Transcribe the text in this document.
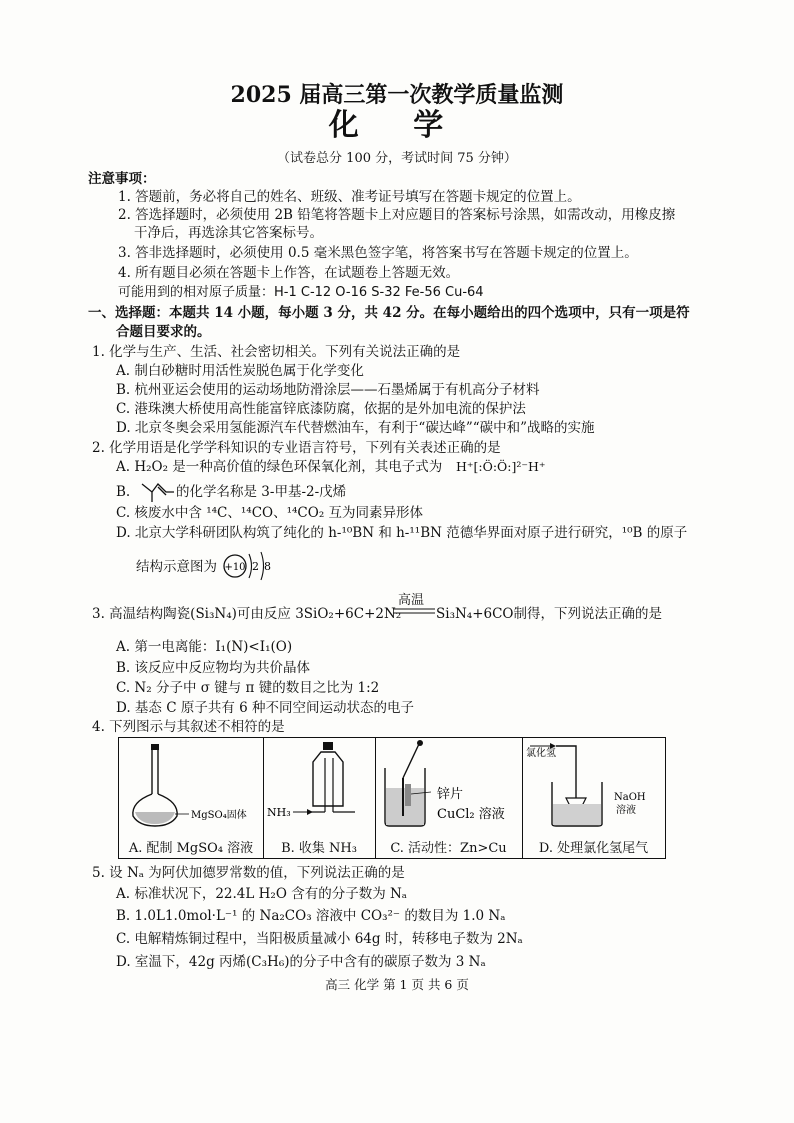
2025 届高三第一次教学质量监测
化 学
（试卷总分 100 分，考试时间 75 分钟）
注意事项：
1. 答题前，务必将自己的姓名、班级、准考证号填写在答题卡规定的位置上。
2. 答选择题时，必须使用 2B 铅笔将答题卡上对应题目的答案标号涂黑，如需改动，用橡皮擦
干净后，再选涂其它答案标号。
3. 答非选择题时，必须使用 0.5 毫米黑色签字笔，将答案书写在答题卡规定的位置上。
4. 所有题目必须在答题卡上作答，在试题卷上答题无效。
可能用到的相对原子质量：H-1 C-12 O-16 S-32 Fe-56 Cu-64
一、选择题：本题共 14 小题，每小题 3 分，共 42 分。在每小题给出的四个选项中，只有一项是符
合题目要求的。
1. 化学与生产、生活、社会密切相关。下列有关说法正确的是
A. 制白砂糖时用活性炭脱色属于化学变化
B. 杭州亚运会使用的运动场地防滑涂层——石墨烯属于有机高分子材料
C. 港珠澳大桥使用高性能富锌底漆防腐，依据的是外加电流的保护法
D. 北京冬奥会采用氢能源汽车代替燃油车，有利于“碳达峰”“碳中和”战略的实施
2. 化学用语是化学学科知识的专业语言符号，下列有关表述正确的是
A. H₂O₂ 是一种高价值的绿色环保氧化剂，其电子式为 H⁺[:Ö:Ö:]²⁻H⁺
B.	的化学名称是 3-甲基-2-戊烯
C. 核废水中含 ¹⁴C、¹⁴CO、¹⁴CO₂ 互为同素异形体
D. 北京大学科研团队构筑了纯化的 h-¹⁰BN 和 h-¹¹BN 范德华界面对原子进行研究，¹⁰B 的原子
结构示意图为 +10 2 8
3. 高温结构陶瓷(Si₃N₄)可由反应 3SiO₂+6C+2N₂
高温
Si₃N₄+6CO制得，下列说法正确的是
A. 第一电离能：I₁(N)<I₁(O)
B. 该反应中反应物均为共价晶体
C. N₂ 分子中 σ 键与 π 键的数目之比为 1:2
D. 基态 C 原子共有 6 种不同空间运动状态的电子
4. 下列图示与其叙述不相符的是
MgSO₄固体
A. 配制 MgSO₄ 溶液
NH₃
B. 收集 NH₃
锌片
CuCl₂ 溶液
C. 活动性：Zn>Cu
氯化氢
NaOH
溶液
D. 处理氯化氢尾气
5. 设 Nₐ 为阿伏加德罗常数的值，下列说法正确的是
A. 标准状况下，22.4L H₂O 含有的分子数为 Nₐ
B. 1.0L1.0mol·L⁻¹ 的 Na₂CO₃ 溶液中 CO₃²⁻ 的数目为 1.0 Nₐ
C. 电解精炼铜过程中，当阳极质量减小 64g 时，转移电子数为 2Nₐ
D. 室温下，42g 丙烯(C₃H₆)的分子中含有的碳原子数为 3 Nₐ
高三 化学 第 1 页 共 6 页
